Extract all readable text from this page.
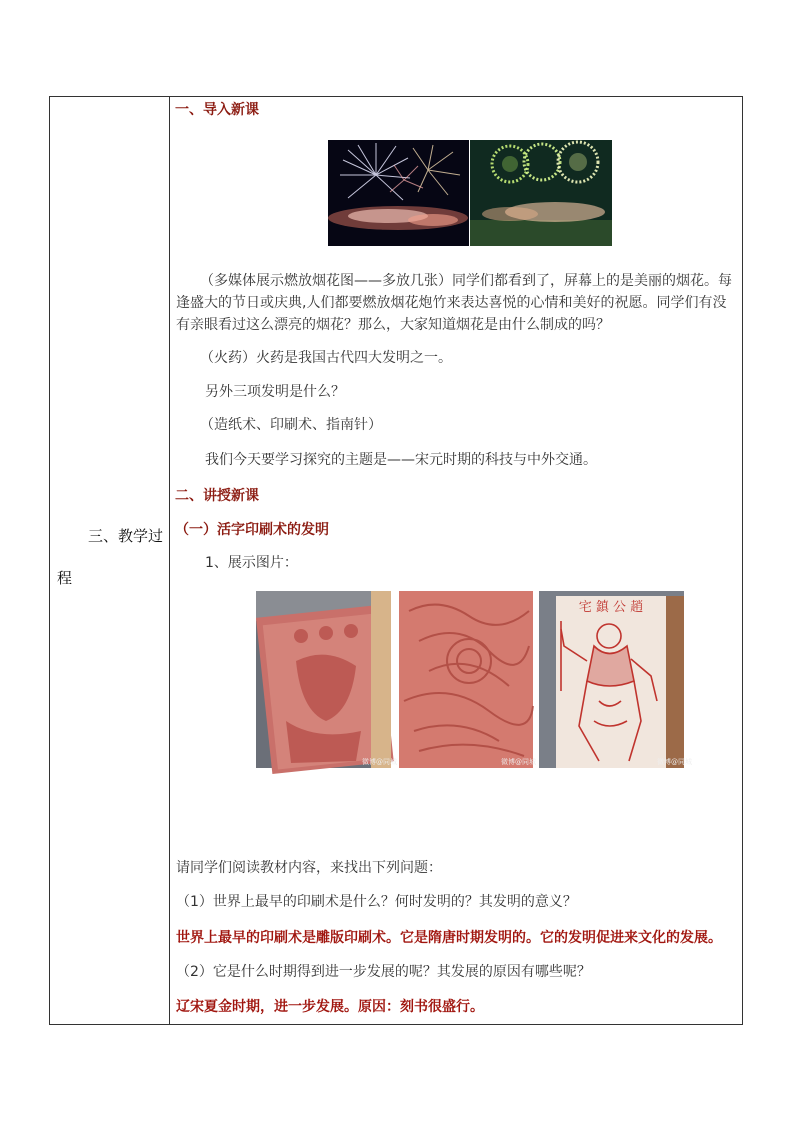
三、教学过
程
一、导入新课
（多媒体展示燃放烟花图——多放几张）同学们都看到了，屏幕上的是美丽的烟花。每
逢盛大的节日或庆典,人们都要燃放烟花炮竹来表达喜悦的心情和美好的祝愿。同学们有没
有亲眼看过这么漂亮的烟花？那么，大家知道烟花是由什么制成的吗？
（火药）火药是我国古代四大发明之一。
另外三项发明是什么？
（造纸术、印刷术、指南针）
我们今天要学习探究的主题是——宋元时期的科技与中外交通。
二、讲授新课
（一）活字印刷术的发明
1、展示图片：
微博@同城	微博@同城
宅 鎮 公 趙
微博@同城
请同学们阅读教材内容，来找出下列问题：
（1）世界上最早的印刷术是什么？何时发明的？其发明的意义？
世界上最早的印刷术是雕版印刷术。它是隋唐时期发明的。它的发明促进来文化的发展。
（2）它是什么时期得到进一步发展的呢？其发展的原因有哪些呢？
辽宋夏金时期，进一步发展。原因：刻书很盛行。
